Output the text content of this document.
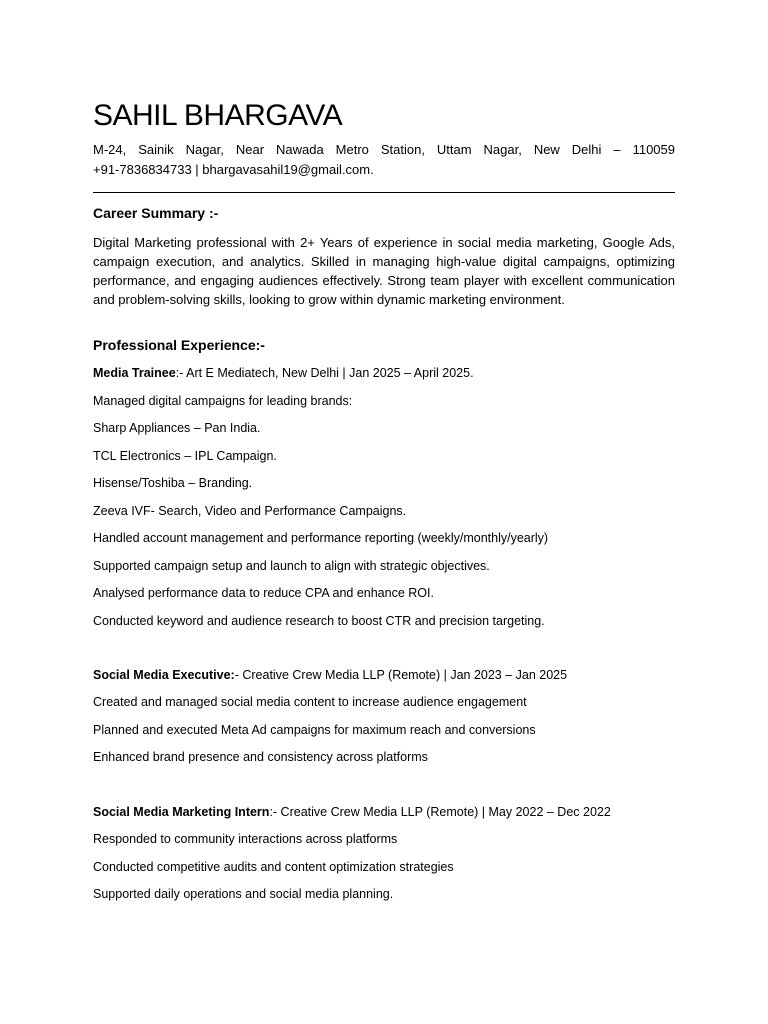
SAHIL BHARGAVA
M-24, Sainik Nagar, Near Nawada Metro Station, Uttam Nagar, New Delhi – 110059
+91-7836834733 | bhargavasahil19@gmail.com.

Career Summary :-

Digital Marketing professional with 2+ Years of experience in social media marketing, Google Ads, campaign execution, and analytics. Skilled in managing high-value digital campaigns, optimizing performance, and engaging audiences effectively. Strong team player with excellent communication and problem-solving skills, looking to grow within dynamic marketing environment.

Professional Experience:-

Media Trainee:- Art E Mediatech, New Delhi | Jan 2025 – April 2025.

Managed digital campaigns for leading brands:

Sharp Appliances – Pan India.

TCL Electronics – IPL Campaign.

Hisense/Toshiba – Branding.

Zeeva IVF- Search, Video and Performance Campaigns.

Handled account management and performance reporting (weekly/monthly/yearly)

Supported campaign setup and launch to align with strategic objectives.

Analysed performance data to reduce CPA and enhance ROI.

Conducted keyword and audience research to boost CTR and precision targeting.

Social Media Executive:- Creative Crew Media LLP (Remote) | Jan 2023 – Jan 2025

Created and managed social media content to increase audience engagement

Planned and executed Meta Ad campaigns for maximum reach and conversions

Enhanced brand presence and consistency across platforms

Social Media Marketing Intern:- Creative Crew Media LLP (Remote) | May 2022 – Dec 2022

Responded to community interactions across platforms

Conducted competitive audits and content optimization strategies

Supported daily operations and social media planning.
